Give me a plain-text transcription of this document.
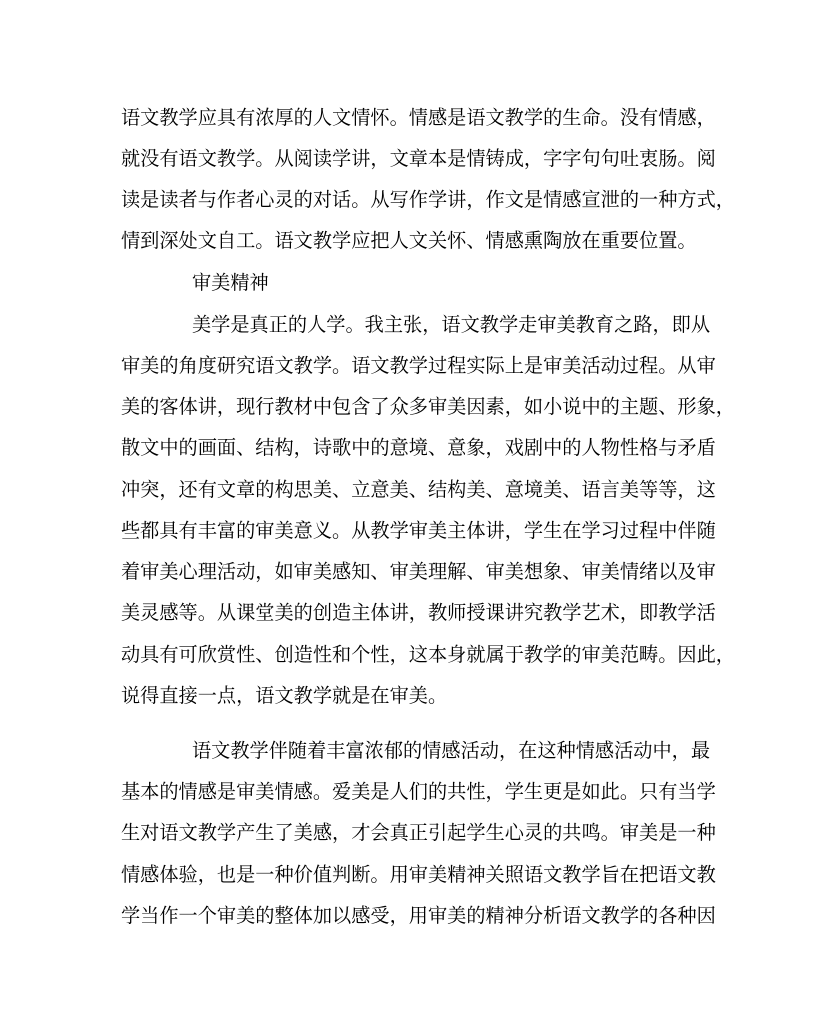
语文教学应具有浓厚的人文情怀。情感是语文教学的生命。没有情感，
就没有语文教学。从阅读学讲，文章本是情铸成，字字句句吐衷肠。阅
读是读者与作者心灵的对话。从写作学讲，作文是情感宣泄的一种方式，
情到深处文自工。语文教学应把人文关怀、情感熏陶放在重要位置。
审美精神
美学是真正的人学。我主张，语文教学走审美教育之路，即从
审美的角度研究语文教学。语文教学过程实际上是审美活动过程。从审
美的客体讲，现行教材中包含了众多审美因素，如小说中的主题、形象，
散文中的画面、结构，诗歌中的意境、意象，戏剧中的人物性格与矛盾
冲突，还有文章的构思美、立意美、结构美、意境美、语言美等等，这
些都具有丰富的审美意义。从教学审美主体讲，学生在学习过程中伴随
着审美心理活动，如审美感知、审美理解、审美想象、审美情绪以及审
美灵感等。从课堂美的创造主体讲，教师授课讲究教学艺术，即教学活
动具有可欣赏性、创造性和个性，这本身就属于教学的审美范畴。因此，
说得直接一点，语文教学就是在审美。
语文教学伴随着丰富浓郁的情感活动，在这种情感活动中，最
基本的情感是审美情感。爱美是人们的共性，学生更是如此。只有当学
生对语文教学产生了美感，才会真正引起学生心灵的共鸣。审美是一种
情感体验，也是一种价值判断。用审美精神关照语文教学旨在把语文教
学当作一个审美的整体加以感受，用审美的精神分析语文教学的各种因
